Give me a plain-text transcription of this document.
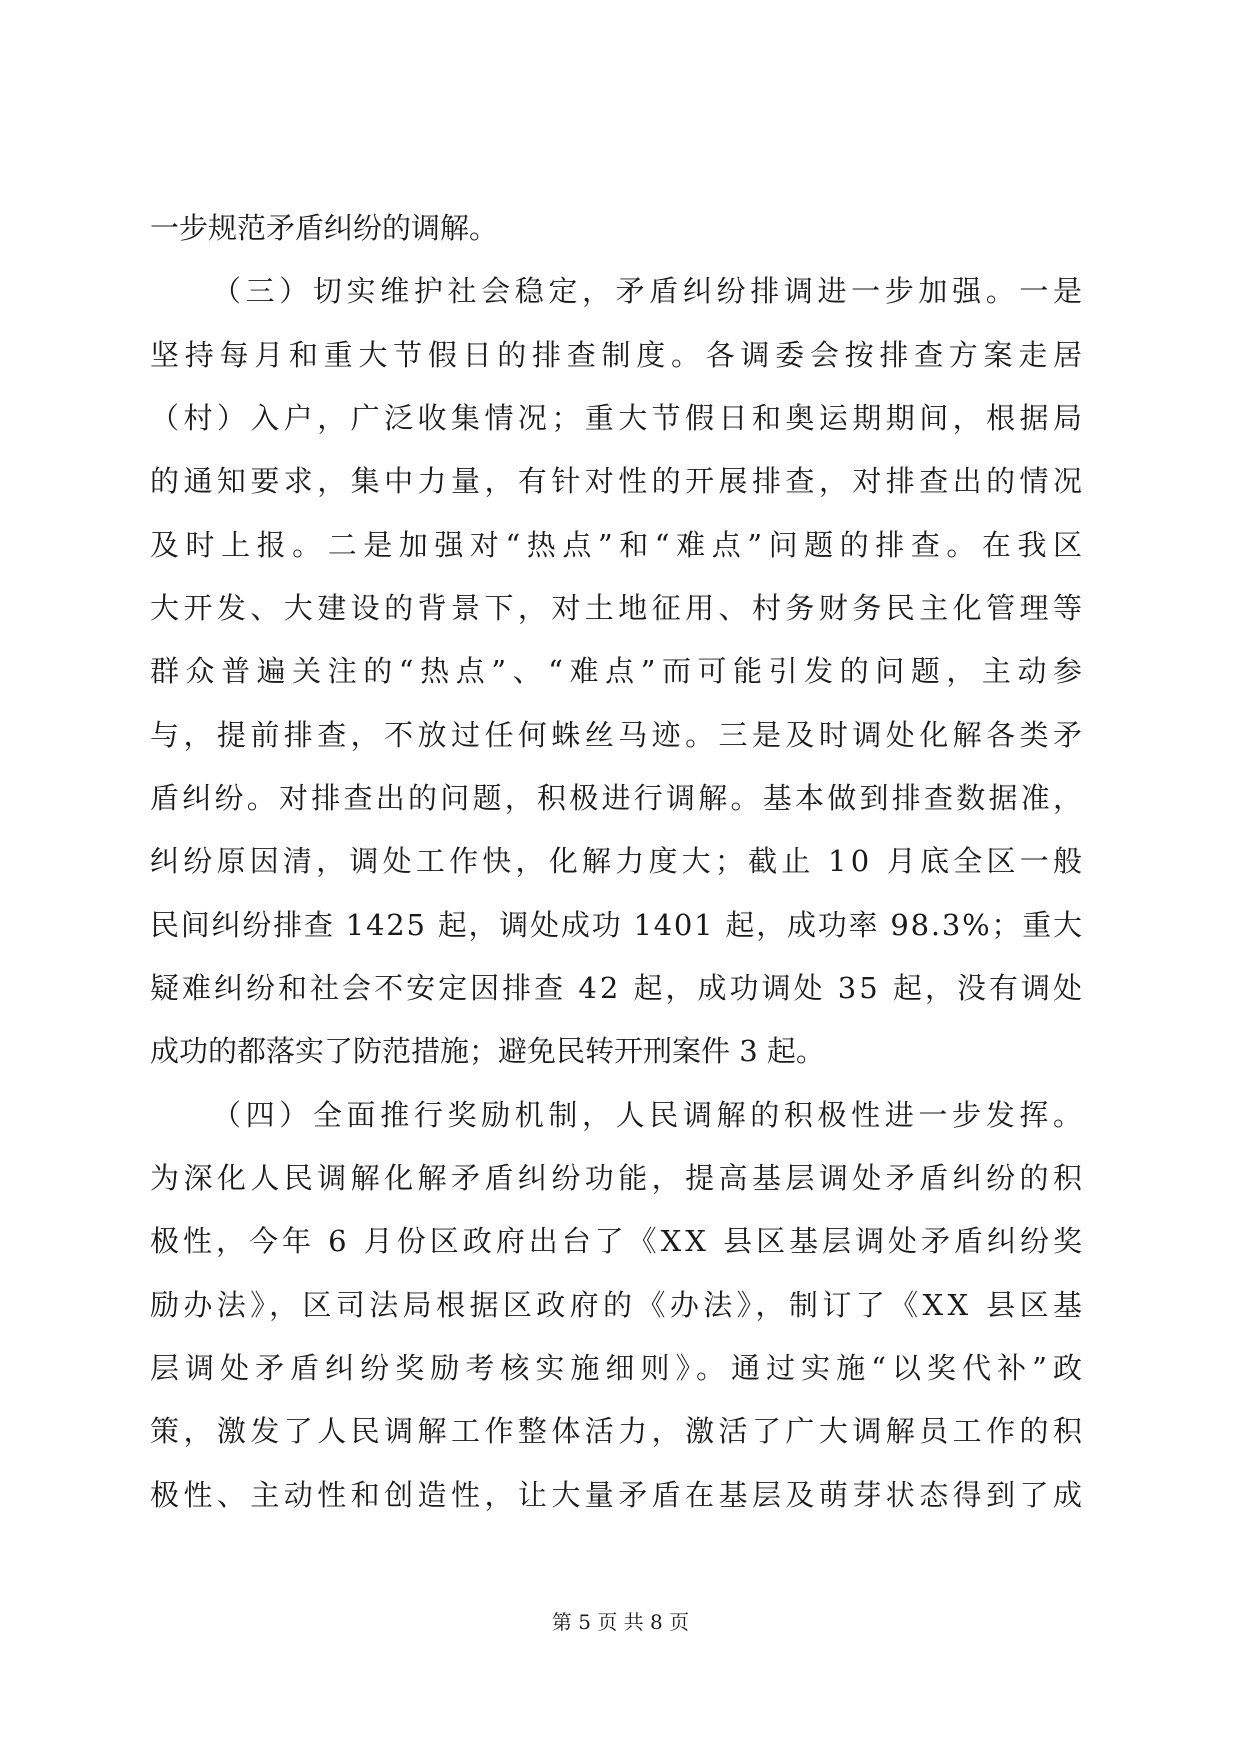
一步规范矛盾纠纷的调解。
（三）切实维护社会稳定，矛盾纠纷排调进一步加强。一是
坚持每月和重大节假日的排查制度。各调委会按排查方案走居
（村）入户，广泛收集情况；重大节假日和奥运期期间，根据局
的通知要求，集中力量，有针对性的开展排查，对排查出的情况
及时上报。二是加强对“热点”和“难点”问题的排查。在我区
大开发、大建设的背景下，对土地征用、村务财务民主化管理等
群众普遍关注的“热点”、“难点”而可能引发的问题，主动参
与，提前排查，不放过任何蛛丝马迹。三是及时调处化解各类矛
盾纠纷。对排查出的问题，积极进行调解。基本做到排查数据准，
纠纷原因清，调处工作快，化解力度大；截止 10 月底全区一般
民间纠纷排查 1425 起，调处成功 1401 起，成功率 98.3%；重大
疑难纠纷和社会不安定因排查 42 起，成功调处 35 起，没有调处
成功的都落实了防范措施；避免民转开刑案件 3 起。
（四）全面推行奖励机制，人民调解的积极性进一步发挥。
为深化人民调解化解矛盾纠纷功能，提高基层调处矛盾纠纷的积
极性，今年 6 月份区政府出台了《XX 县区基层调处矛盾纠纷奖
励办法》，区司法局根据区政府的《办法》，制订了《XX 县区基
层调处矛盾纠纷奖励考核实施细则》。通过实施“以奖代补”政
策，激发了人民调解工作整体活力，激活了广大调解员工作的积
极性、主动性和创造性，让大量矛盾在基层及萌芽状态得到了成
第 5 页 共 8 页
